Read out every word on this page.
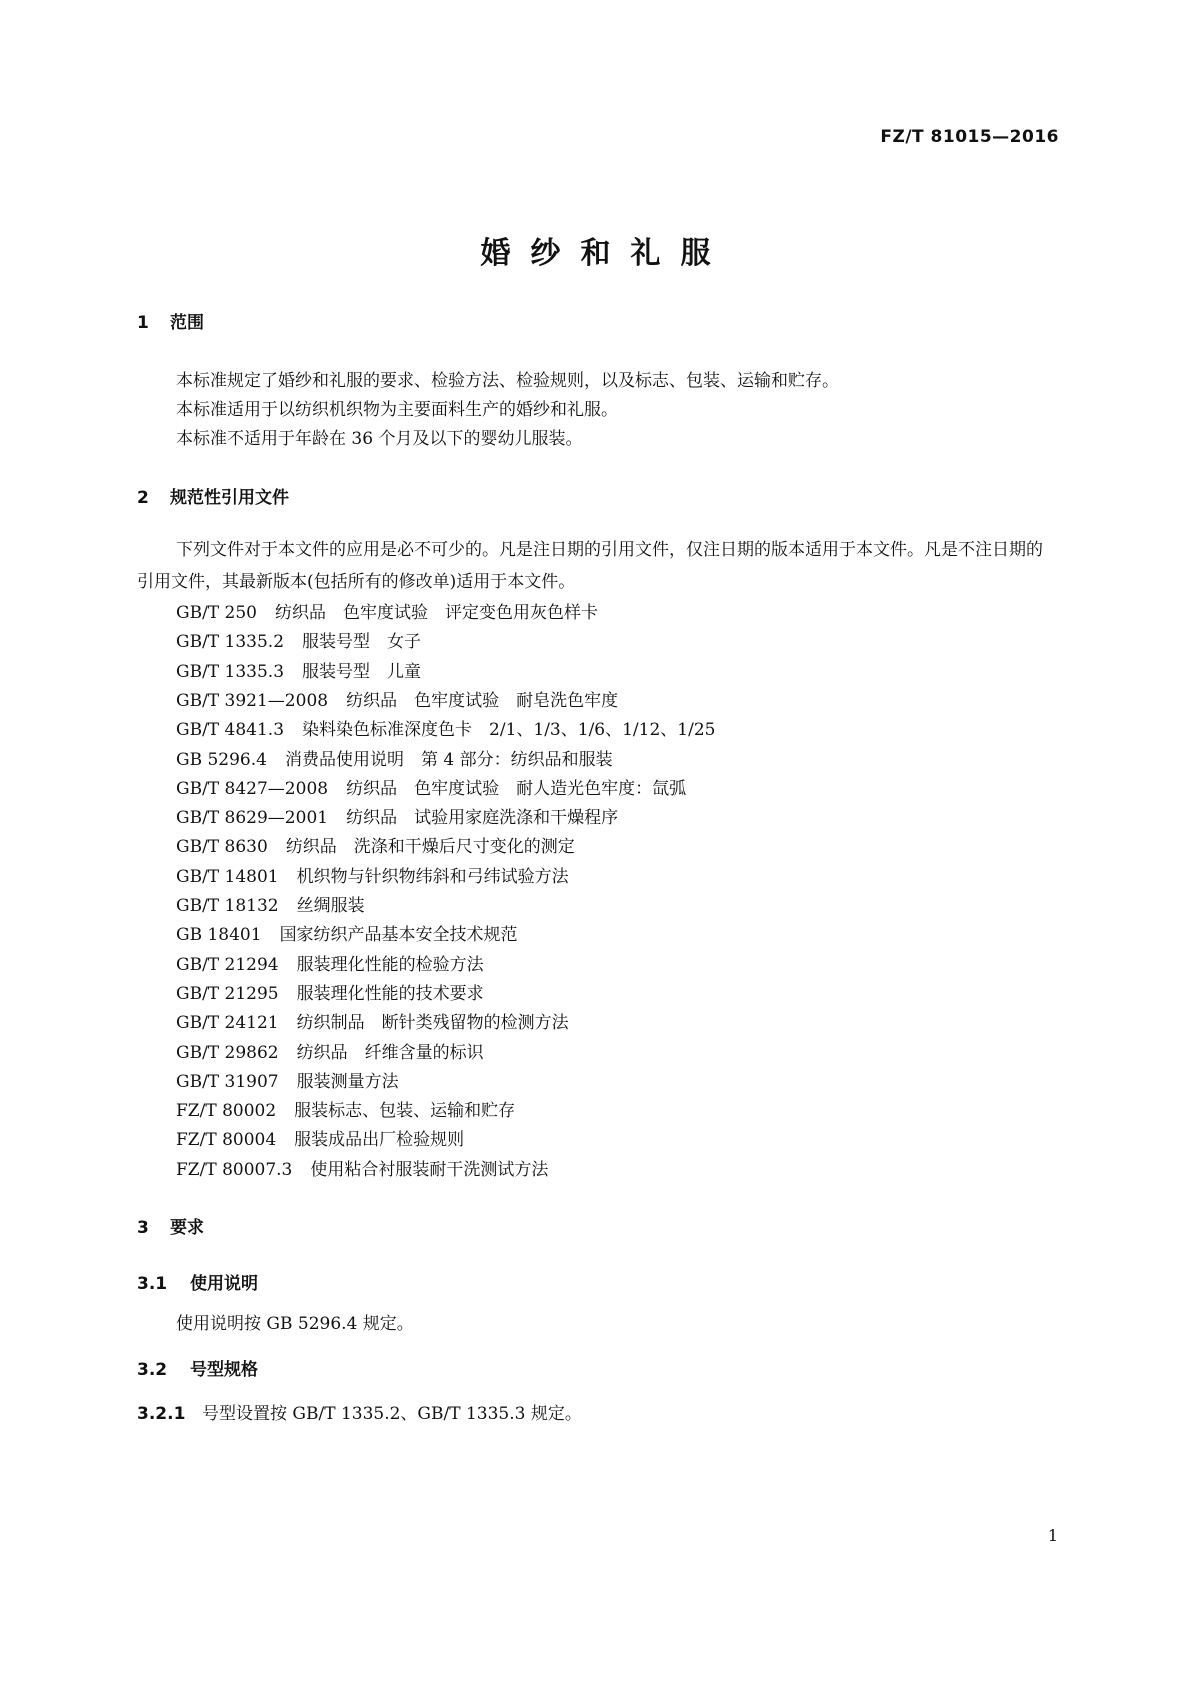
FZ/T 81015—2016
婚纱和礼服
1 范围
本标准规定了婚纱和礼服的要求、检验方法、检验规则，以及标志、包装、运输和贮存。
本标准适用于以纺织机织物为主要面料生产的婚纱和礼服。
本标准不适用于年龄在 36 个月及以下的婴幼儿服装。
2 规范性引用文件
下列文件对于本文件的应用是必不可少的。凡是注日期的引用文件，仅注日期的版本适用于本文件。凡是不注日期的引用文件，其最新版本(包括所有的修改单)适用于本文件。
GB/T 250 纺织品　色牢度试验　评定变色用灰色样卡
GB/T 1335.2 服装号型　女子
GB/T 1335.3 服装号型　儿童
GB/T 3921—2008 纺织品　色牢度试验　耐皂洗色牢度
GB/T 4841.3 染料染色标准深度色卡　2/1、1/3、1/6、1/12、1/25
GB 5296.4 消费品使用说明　第 4 部分：纺织品和服装
GB/T 8427—2008 纺织品　色牢度试验　耐人造光色牢度：氙弧
GB/T 8629—2001 纺织品　试验用家庭洗涤和干燥程序
GB/T 8630 纺织品　洗涤和干燥后尺寸变化的测定
GB/T 14801 机织物与针织物纬斜和弓纬试验方法
GB/T 18132 丝绸服装
GB 18401 国家纺织产品基本安全技术规范
GB/T 21294 服装理化性能的检验方法
GB/T 21295 服装理化性能的技术要求
GB/T 24121 纺织制品　断针类残留物的检测方法
GB/T 29862 纺织品　纤维含量的标识
GB/T 31907 服装测量方法
FZ/T 80002 服装标志、包装、运输和贮存
FZ/T 80004 服装成品出厂检验规则
FZ/T 80007.3 使用粘合衬服装耐干洗测试方法
3 要求
3.1 使用说明
使用说明按 GB 5296.4 规定。
3.2 号型规格
3.2.1 号型设置按 GB/T 1335.2、GB/T 1335.3 规定。
1
